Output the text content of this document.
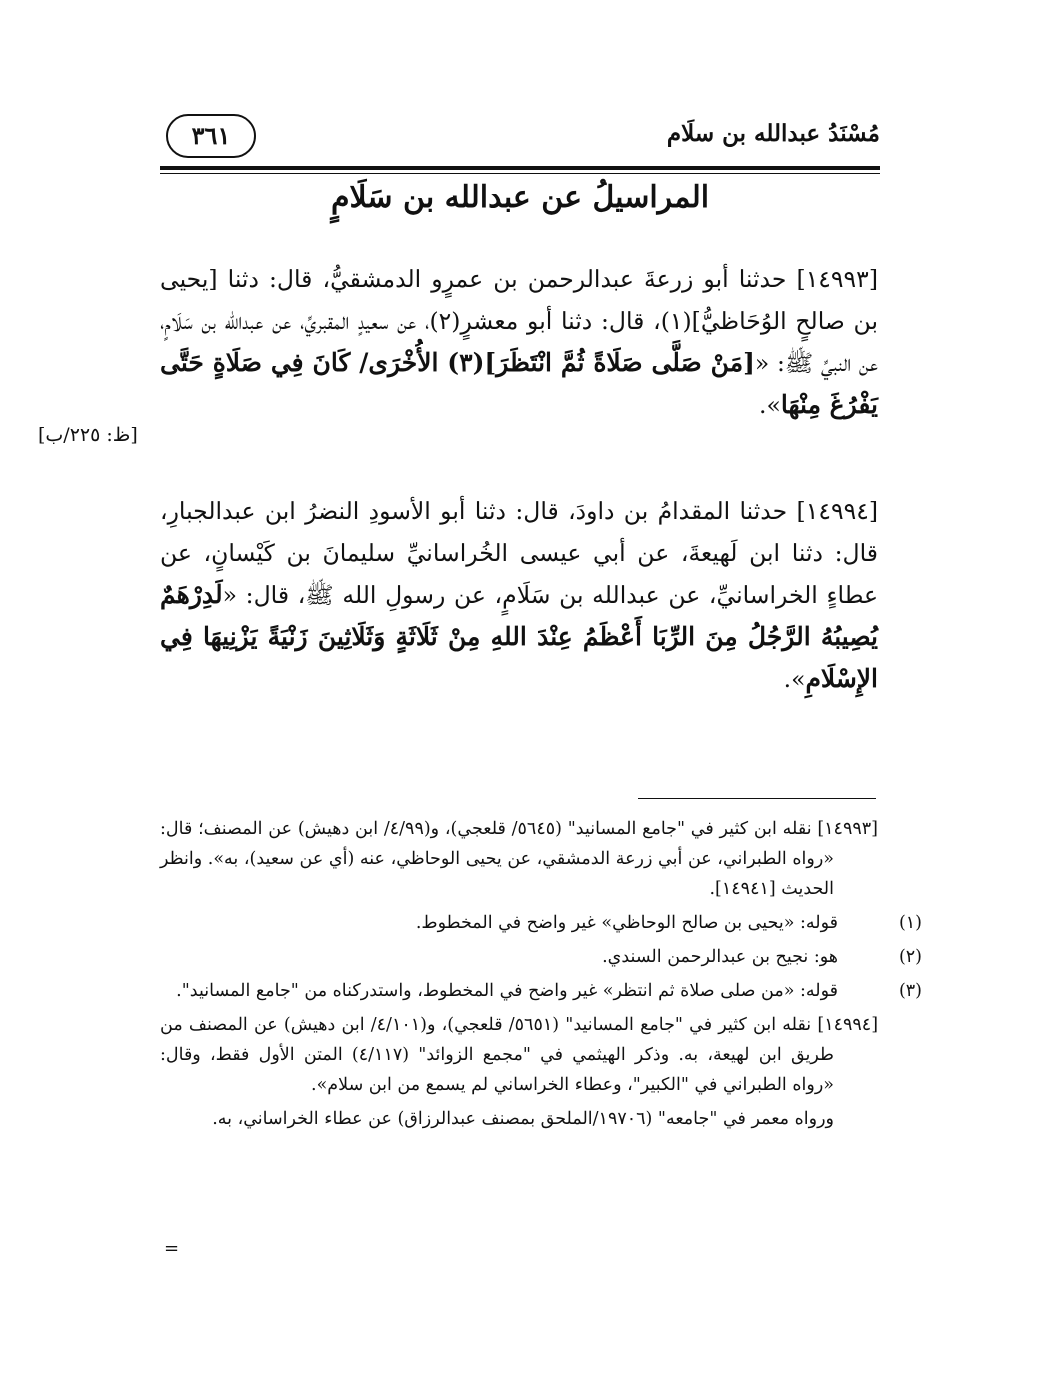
مُسْنَدُ عبدالله بن سلَام
٣٦١
المراسيلُ عن عبدالله بن سَلَامٍ
[١٤٩٩٣] حدثنا أبو زرعةَ عبدالرحمن بن عمرٍو الدمشقيُّ، قال: دثنا [يحيى بن صالحٍ الوُحَاظيُّ](١)، قال: دثنا أبو معشرٍ(٢)، عن سعيدٍ المقبريِّ، عن عبدالله بن سَلَامٍ، عن النبيِّ ﷺ: «[مَنْ صَلَّى صَلَاةً ثُمَّ انْتَظَرَ](٣) الأُخْرَى/ كَانَ فِي صَلَاةٍ حَتَّى يَفْرُغَ مِنْهَا».
[ظ: ٢٢٥/ب]
[١٤٩٩٤] حدثنا المقدامُ بن داودَ، قال: دثنا أبو الأسودِ النضرُ ابن عبدالجبارِ، قال: دثنا ابن لَهيعةَ، عن أبي عيسى الخُراسانيِّ سليمانَ بن كَيْسانٍ، عن عطاءٍ الخراسانيِّ، عن عبدالله بن سَلَامٍ، عن رسولِ الله ﷺ، قال: «لَدِرْهَمٌ يُصِيبُهُ الرَّجُلُ مِنَ الرِّبَا أَعْظَمُ عِنْدَ اللهِ مِنْ ثَلَاثَةٍ وَثَلَاثِينَ زَنْيَةً يَزْنِيهَا فِي الإِسْلَامِ».
[١٤٩٩٣] نقله ابن كثير في "جامع المسانيد" (٥٦٤٥/ قلعجي)، و(٤/٩٩/ ابن دهيش) عن المصنف؛ قال: «رواه الطبراني، عن أبي زرعة الدمشقي، عن يحيى الوحاظي، عنه (أي عن سعيد)، به». وانظر الحديث [١٤٩٤١].
(١)قوله: «يحيى بن صالح الوحاظي» غير واضح في المخطوط.
(٢)هو: نجيح بن عبدالرحمن السندي.
(٣)قوله: «من صلى صلاة ثم انتظر» غير واضح في المخطوط، واستدركناه من "جامع المسانيد".
[١٤٩٩٤] نقله ابن كثير في "جامع المسانيد" (٥٦٥١/ قلعجي)، و(٤/١٠١/ ابن دهيش) عن المصنف من طريق ابن لهيعة، به. وذكر الهيثمي في "مجمع الزوائد" (٤/١١٧) المتن الأول فقط، وقال: «رواه الطبراني في "الكبير"، وعطاء الخراساني لم يسمع من ابن سلام».
ورواه معمر في "جامعه" (١٩٧٠٦/الملحق بمصنف عبدالرزاق) عن عطاء الخراساني، به.
=
